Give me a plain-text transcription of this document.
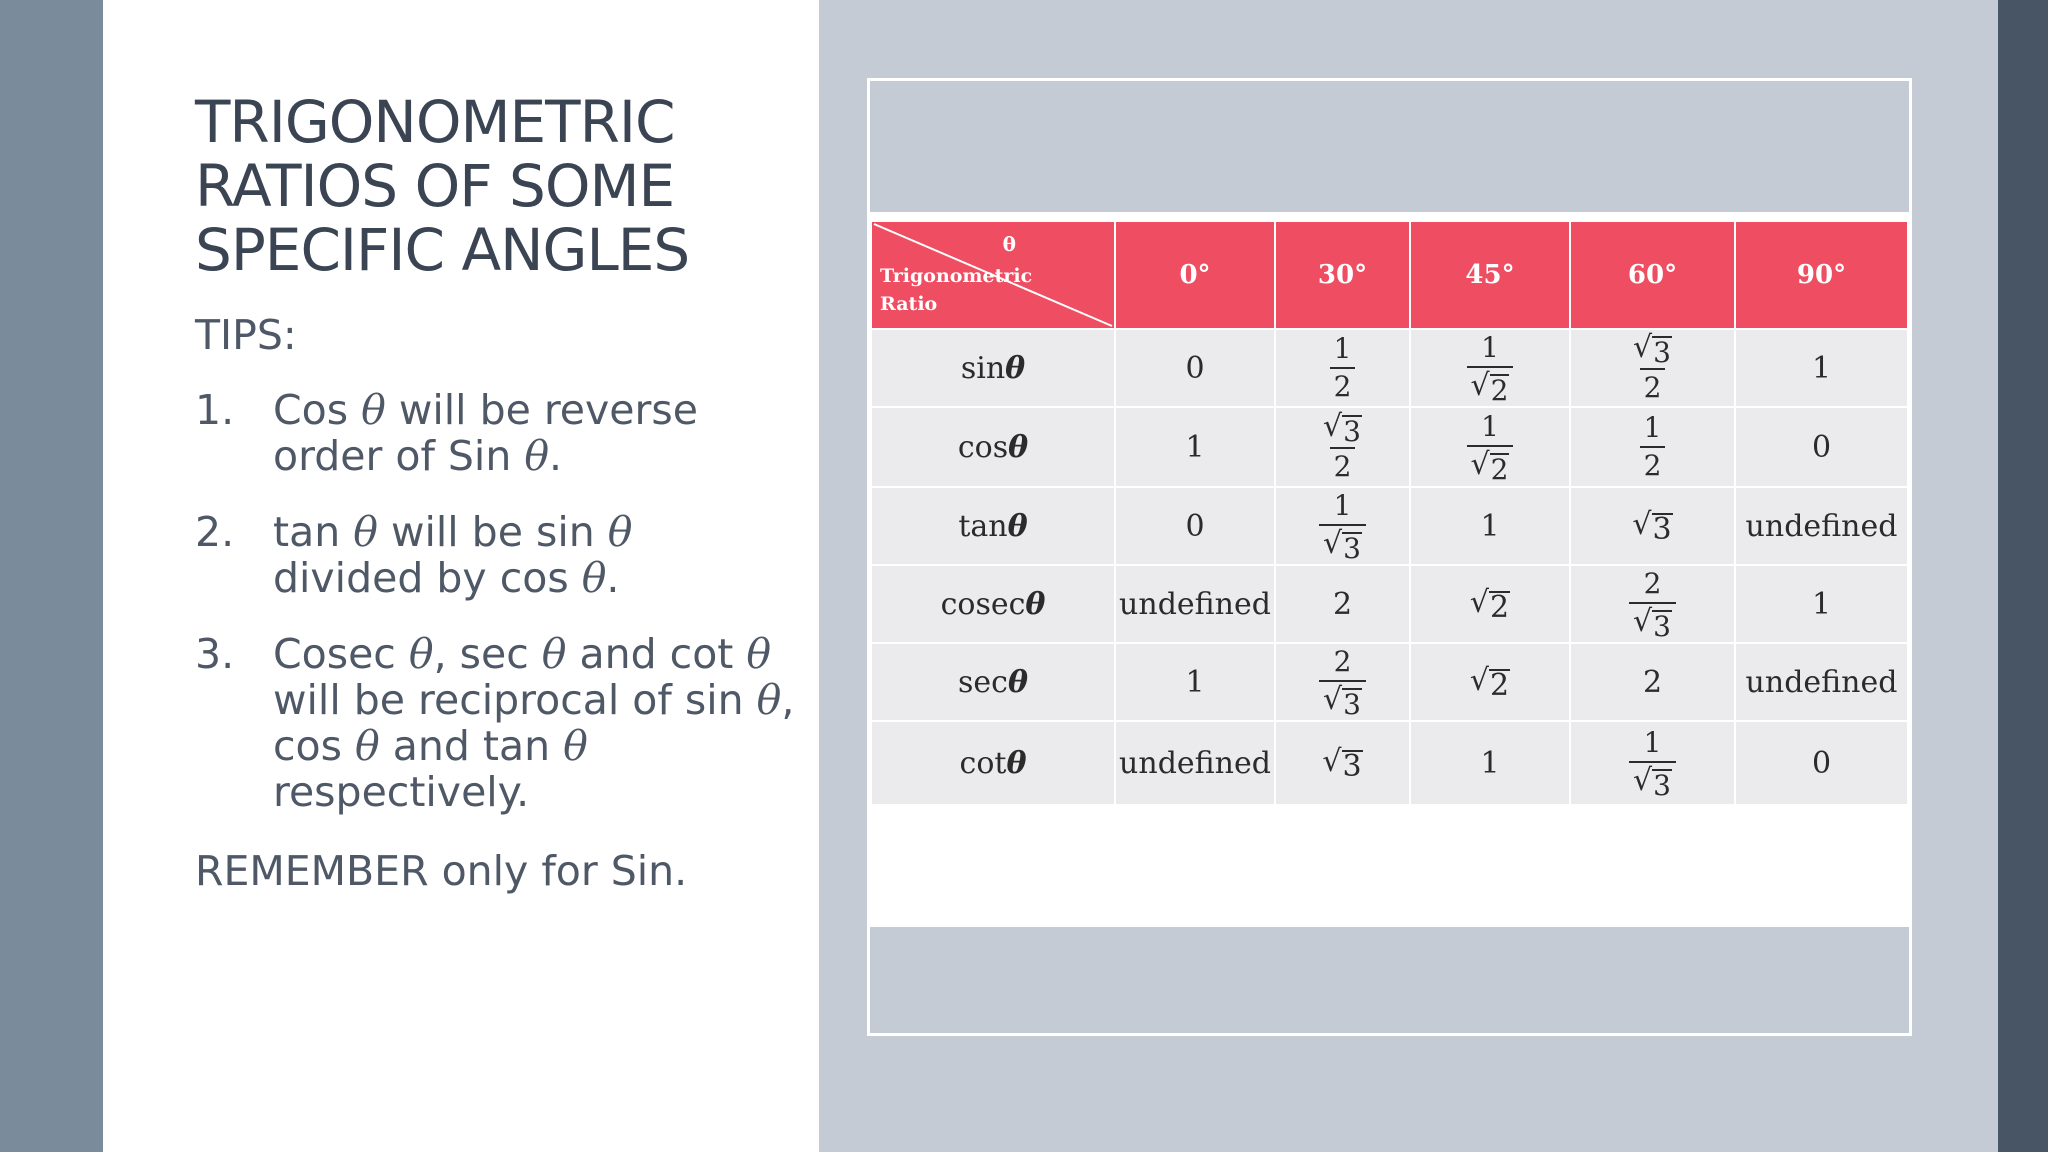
TRIGONOMETRIC
RATIOS OF SOME
SPECIFIC ANGLES
TIPS:
1. Cos θ will be reverse order of Sin θ.
2. tan θ will be sin θ divided by cos θ.
3. Cosec θ, sec θ and cot θ will be reciprocal of sin θ, cos θ and tan θ respectively.
REMEMBER only for Sin.
θ
Trigonometric
Ratio	0°	30°	45°	60°	90°
sinθ	0	$\frac{1}{2}$	$\frac{1}{√ 2}$	$\frac{√ 3}{2}$	1
cosθ	1	$\frac{√ 3}{2}$	$\frac{1}{√ 2}$	$\frac{1}{2}$	0
tanθ	0	$\frac{1}{√ 3}$	1	√ 3	undefined
cosecθ	undefined	2	√ 2	$\frac{2}{√ 3}$	1
secθ	1	$\frac{2}{√ 3}$	√ 2	2	undefined
cotθ	undefined	√ 3	1	$\frac{1}{√ 3}$	0
